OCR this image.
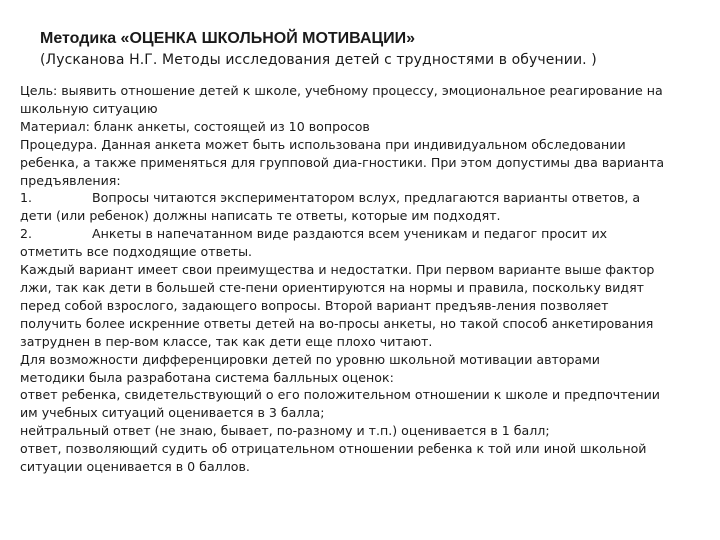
Методика «ОЦЕНКА ШКОЛЬНОЙ МОТИВАЦИИ»
(Лусканова Н.Г. Методы исследования детей с трудностями в обучении. )
Цель: выявить отношение детей к школе, учебному процессу, эмоциональное реагирование на
школьную ситуацию
Материал: бланк анкеты, состоящей из 10 вопросов
Процедура. Данная анкета может быть использована при индивидуальном обследовании
ребенка, а также применяться для групповой диа-гностики. При этом допустимы два варианта
предъявления:
1.	Вопросы читаются экспериментатором вслух, предлагаются варианты ответов, а
дети (или ребенок) должны написать те ответы, которые им подходят.
2.	Анкеты в напечатанном виде раздаются всем ученикам и педагог просит их
отметить все подходящие ответы.
Каждый вариант имеет свои преимущества и недостатки. При первом варианте выше фактор
лжи, так как дети в большей сте-пени ориентируются на нормы и правила, поскольку видят
перед собой взрослого, задающего вопросы. Второй вариант предъяв-ления позволяет
получить более искренние ответы детей на во-просы анкеты, но такой способ анкетирования
затруднен в пер-вом классе, так как дети еще плохо читают.
Для возможности дифференцировки детей по уровню школьной мотивации авторами
методики была разработана система балльных оценок:
ответ ребенка, свидетельствующий о его положительном отношении к школе и предпочтении
им учебных ситуаций оценивается в 3 балла;
нейтральный ответ (не знаю, бывает, по-разному и т.п.) оценивается в 1 балл;
ответ, позволяющий судить об отрицательном отношении ребенка к той или иной школьной
ситуации оценивается в 0 баллов.
